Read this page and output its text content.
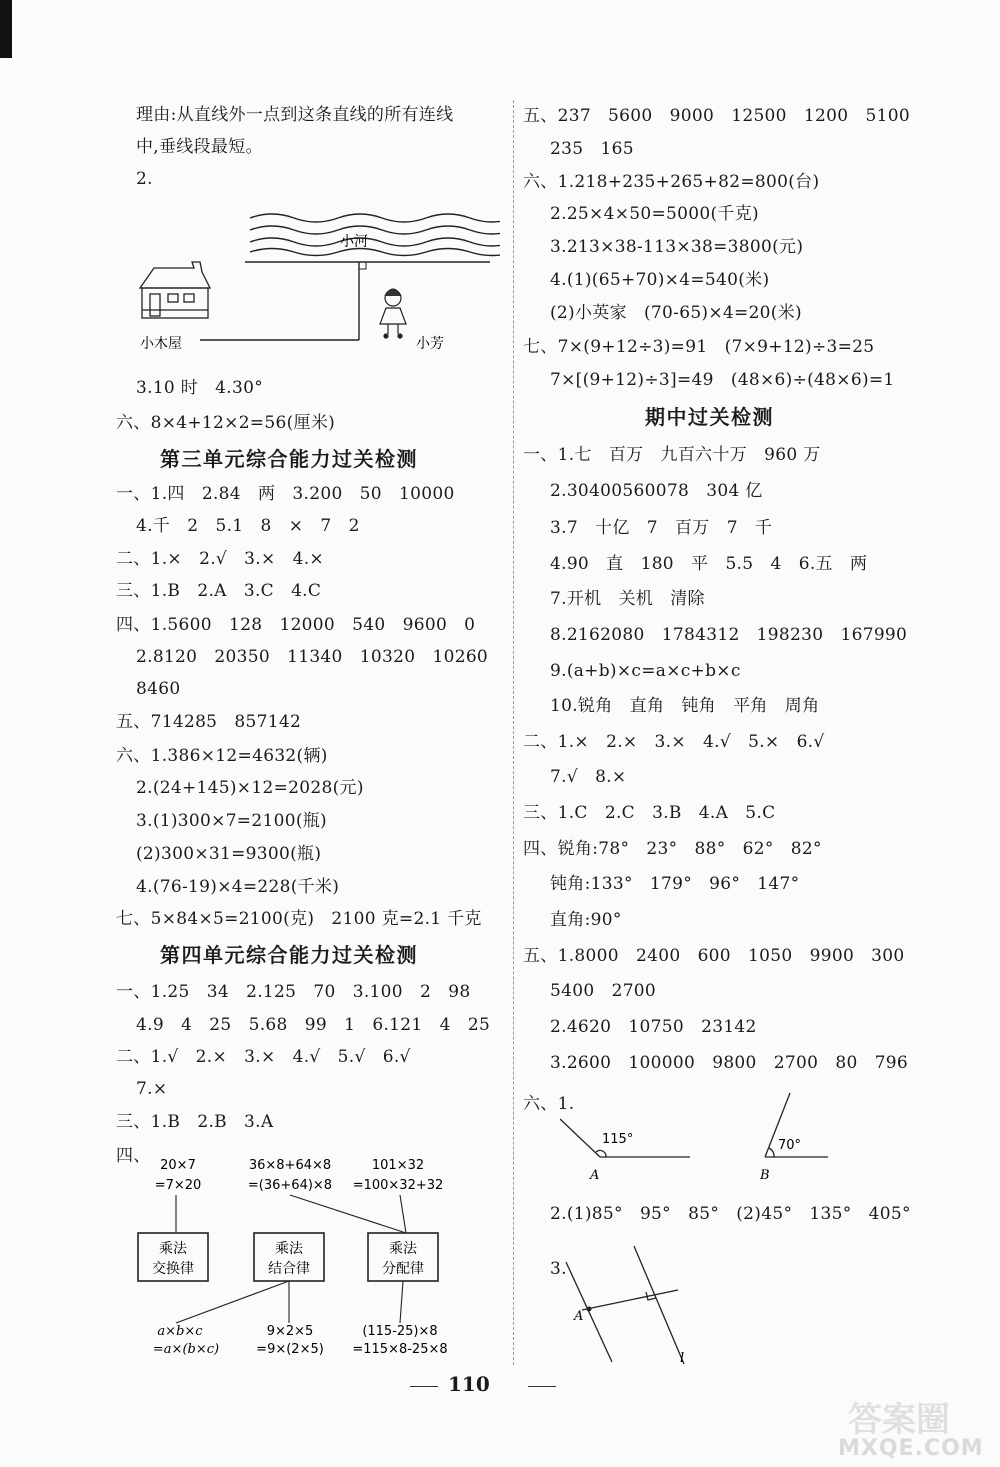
理由:从直线外一点到这条直线的所有连线
中,垂线段最短。
2.
小河
小木屋	小芳
3.10 时   4.30°
六、8×4+12×2=56(厘米)
第三单元综合能力过关检测
一、1.四   2.84   两   3.200   50   10000
4.千   2   5.1   8   ×   7   2
二、1.×   2.√   3.×   4.×
三、1.B   2.A   3.C   4.C
四、1.5600   128   12000   540   9600   0
2.8120   20350   11340   10320   10260
8460
五、714285   857142
六、1.386×12=4632(辆)
2.(24+145)×12=2028(元)
3.(1)300×7=2100(瓶)
(2)300×31=9300(瓶)
4.(76-19)×4=228(千米)
七、5×84×5=2100(克)   2100 克=2.1 千克
第四单元综合能力过关检测
一、1.25   34   2.125   70   3.100   2   98
4.9   4   25   5.68   99   1   6.121   4   25
二、1.√   2.×   3.×   4.√   5.√   6.√
7.×
三、1.B   2.B   3.A
四、 20×7
=7×20
36×8+64×8
=(36+64)×8
101×32
=100×32+32
乘法
交换律
乘法
结合律
乘法
分配律
a×b×c
=a×(b×c)
9×2×5
=9×(2×5)
(115-25)×8
=115×8-25×8
五、237   5600   9000   12500   1200   5100
235   165
六、1.218+235+265+82=800(台)
2.25×4×50=5000(千克)
3.213×38-113×38=3800(元)
4.(1)(65+70)×4=540(米)
(2)小英家   (70-65)×4=20(米)
七、7×(9+12÷3)=91   (7×9+12)÷3=25
7×[(9+12)÷3]=49   (48×6)÷(48×6)=1
期中过关检测
一、1.七   百万   九百六十万   960 万
2.30400560078   304 亿
3.7   十亿   7   百万   7   千
4.90   直   180   平   5.5   4   6.五   两
7.开机   关机   清除
8.2162080   1784312   198230   167990
9.(a+b)×c=a×c+b×c
10.锐角   直角   钝角   平角   周角
二、1.×   2.×   3.×   4.√   5.×   6.√
7.√   8.×
三、1.C   2.C   3.B   4.A   5.C
四、锐角:78°   23°   88°   62°   82°
钝角:133°   179°   96°   147°
直角:90°
五、1.8000   2400   600   1050   9900   300
5400   2700
2.4620   10750   23142
3.2600   100000   9800   2700   80   796
六、1.
115°
A
70°
B
2.(1)85°   95°   85°   (2)45°   135°   405°
3.
A
l
110
答案圈
MXQE.COM
